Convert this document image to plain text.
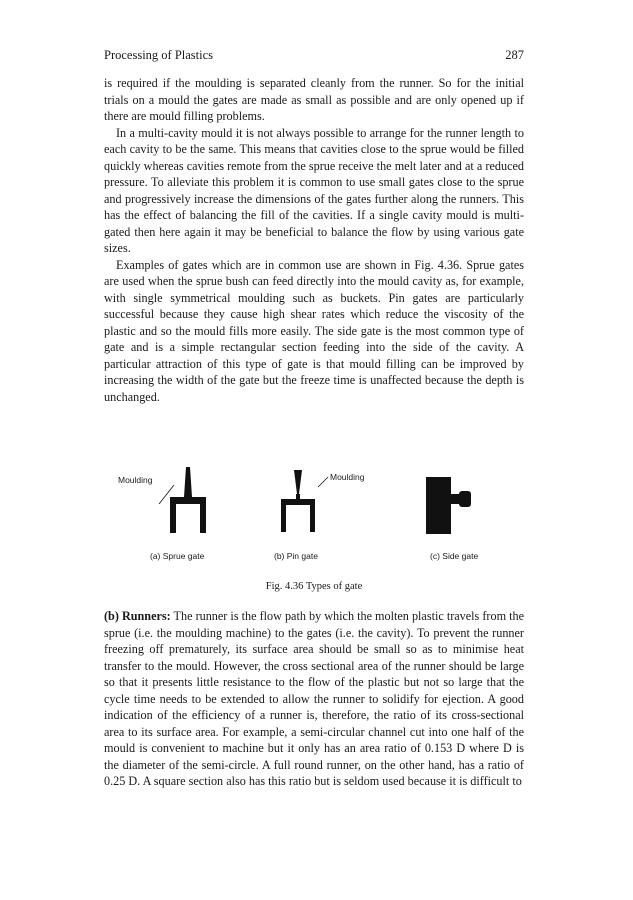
Processing of Plastics	287

is required if the moulding is separated cleanly from the runner. So for the initial trials on a mould the gates are made as small as possible and are only opened up if there are mould filling problems.

In a multi-cavity mould it is not always possible to arrange for the runner length to each cavity to be the same. This means that cavities close to the sprue would be filled quickly whereas cavities remote from the sprue receive the melt later and at a reduced pressure. To alleviate this problem it is common to use small gates close to the sprue and progressively increase the dimensions of the gates further along the runners. This has the effect of balancing the fill of the cavities. If a single cavity mould is multi-gated then here again it may be beneficial to balance the flow by using various gate sizes.

Examples of gates which are in common use are shown in Fig. 4.36. Sprue gates are used when the sprue bush can feed directly into the mould cavity as, for example, with single symmetrical moulding such as buckets. Pin gates are particularly successful because they cause high shear rates which reduce the viscosity of the plastic and so the mould fills more easily. The side gate is the most common type of gate and is a simple rectangular section feeding into the side of the cavity. A particular attraction of this type of gate is that mould filling can be improved by increasing the width of the gate but the freeze time is unaffected because the depth is unchanged.

Moulding	Moulding
(a) Sprue gate	(b) Pin gate	(c) Side gate
Fig. 4.36 Types of gate

(b) Runners: The runner is the flow path by which the molten plastic travels from the sprue (i.e. the moulding machine) to the gates (i.e. the cavity). To prevent the runner freezing off prematurely, its surface area should be small so as to minimise heat transfer to the mould. However, the cross sectional area of the runner should be large so that it presents little resistance to the flow of the plastic but not so large that the cycle time needs to be extended to allow the runner to solidify for ejection. A good indication of the efficiency of a runner is, therefore, the ratio of its cross-sectional area to its surface area. For example, a semi-circular channel cut into one half of the mould is convenient to machine but it only has an area ratio of 0.153 D where D is the diameter of the semi-circle. A full round runner, on the other hand, has a ratio of 0.25 D. A square section also has this ratio but is seldom used because it is difficult to
